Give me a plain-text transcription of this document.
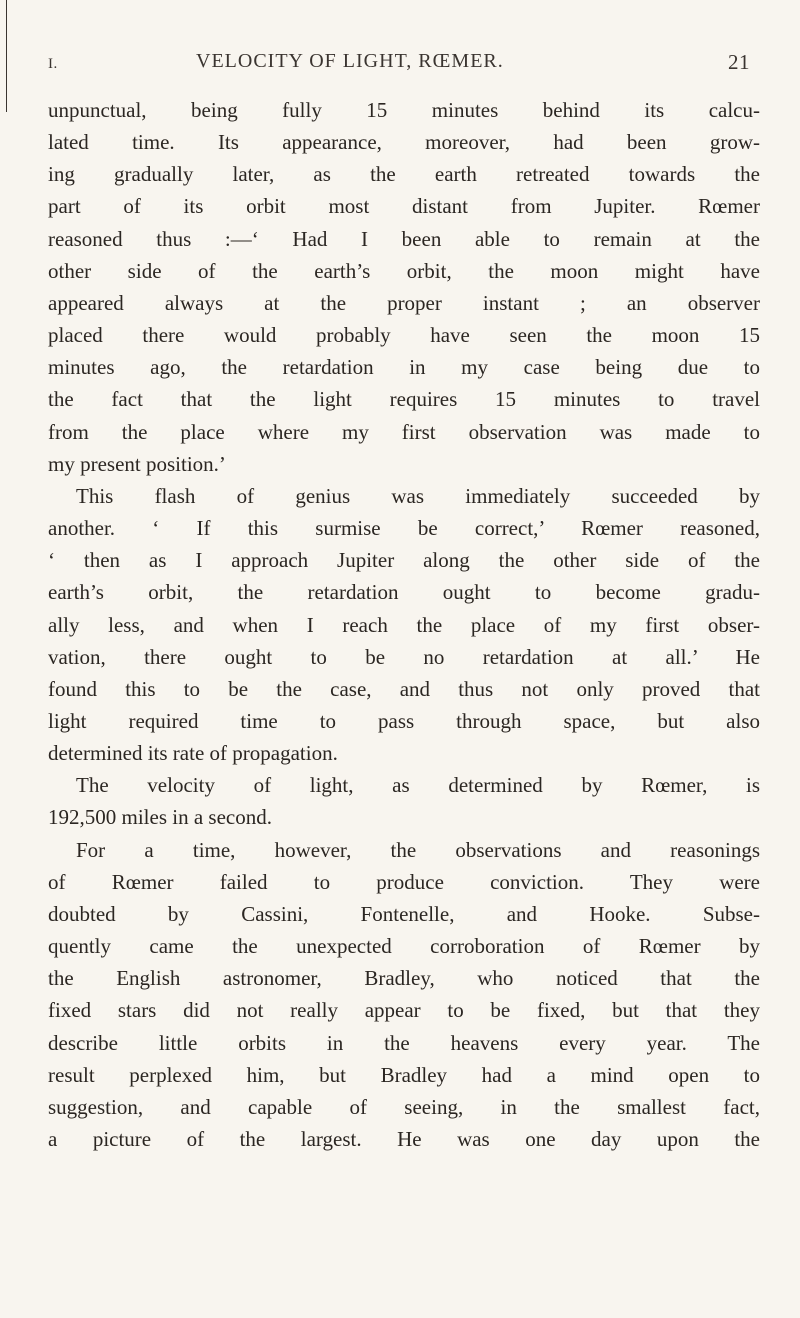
I.	VELOCITY OF LIGHT, RŒMER.	21

unpunctual, being fully 15 minutes behind its calcu-
lated time. Its appearance, moreover, had been grow-
ing gradually later, as the earth retreated towards the
part of its orbit most distant from Jupiter. Rœmer
reasoned thus :—‘ Had I been able to remain at the
other side of the earth’s orbit, the moon might have
appeared always at the proper instant ; an observer
placed there would probably have seen the moon 15
minutes ago, the retardation in my case being due to
the fact that the light requires 15 minutes to travel
from the place where my first observation was made to
my present position.’

This flash of genius was immediately succeeded by
another. ‘ If this surmise be correct,’ Rœmer reasoned,
‘ then as I approach Jupiter along the other side of the
earth’s orbit, the retardation ought to become gradu-
ally less, and when I reach the place of my first obser-
vation, there ought to be no retardation at all.’ He
found this to be the case, and thus not only proved that
light required time to pass through space, but also
determined its rate of propagation.

The velocity of light, as determined by Rœmer, is
192,500 miles in a second.

For a time, however, the observations and reasonings
of Rœmer failed to produce conviction. They were
doubted by Cassini, Fontenelle, and Hooke. Subse-
quently came the unexpected corroboration of Rœmer by
the English astronomer, Bradley, who noticed that the
fixed stars did not really appear to be fixed, but that they
describe little orbits in the heavens every year. The
result perplexed him, but Bradley had a mind open to
suggestion, and capable of seeing, in the smallest fact,
a picture of the largest. He was one day upon the
